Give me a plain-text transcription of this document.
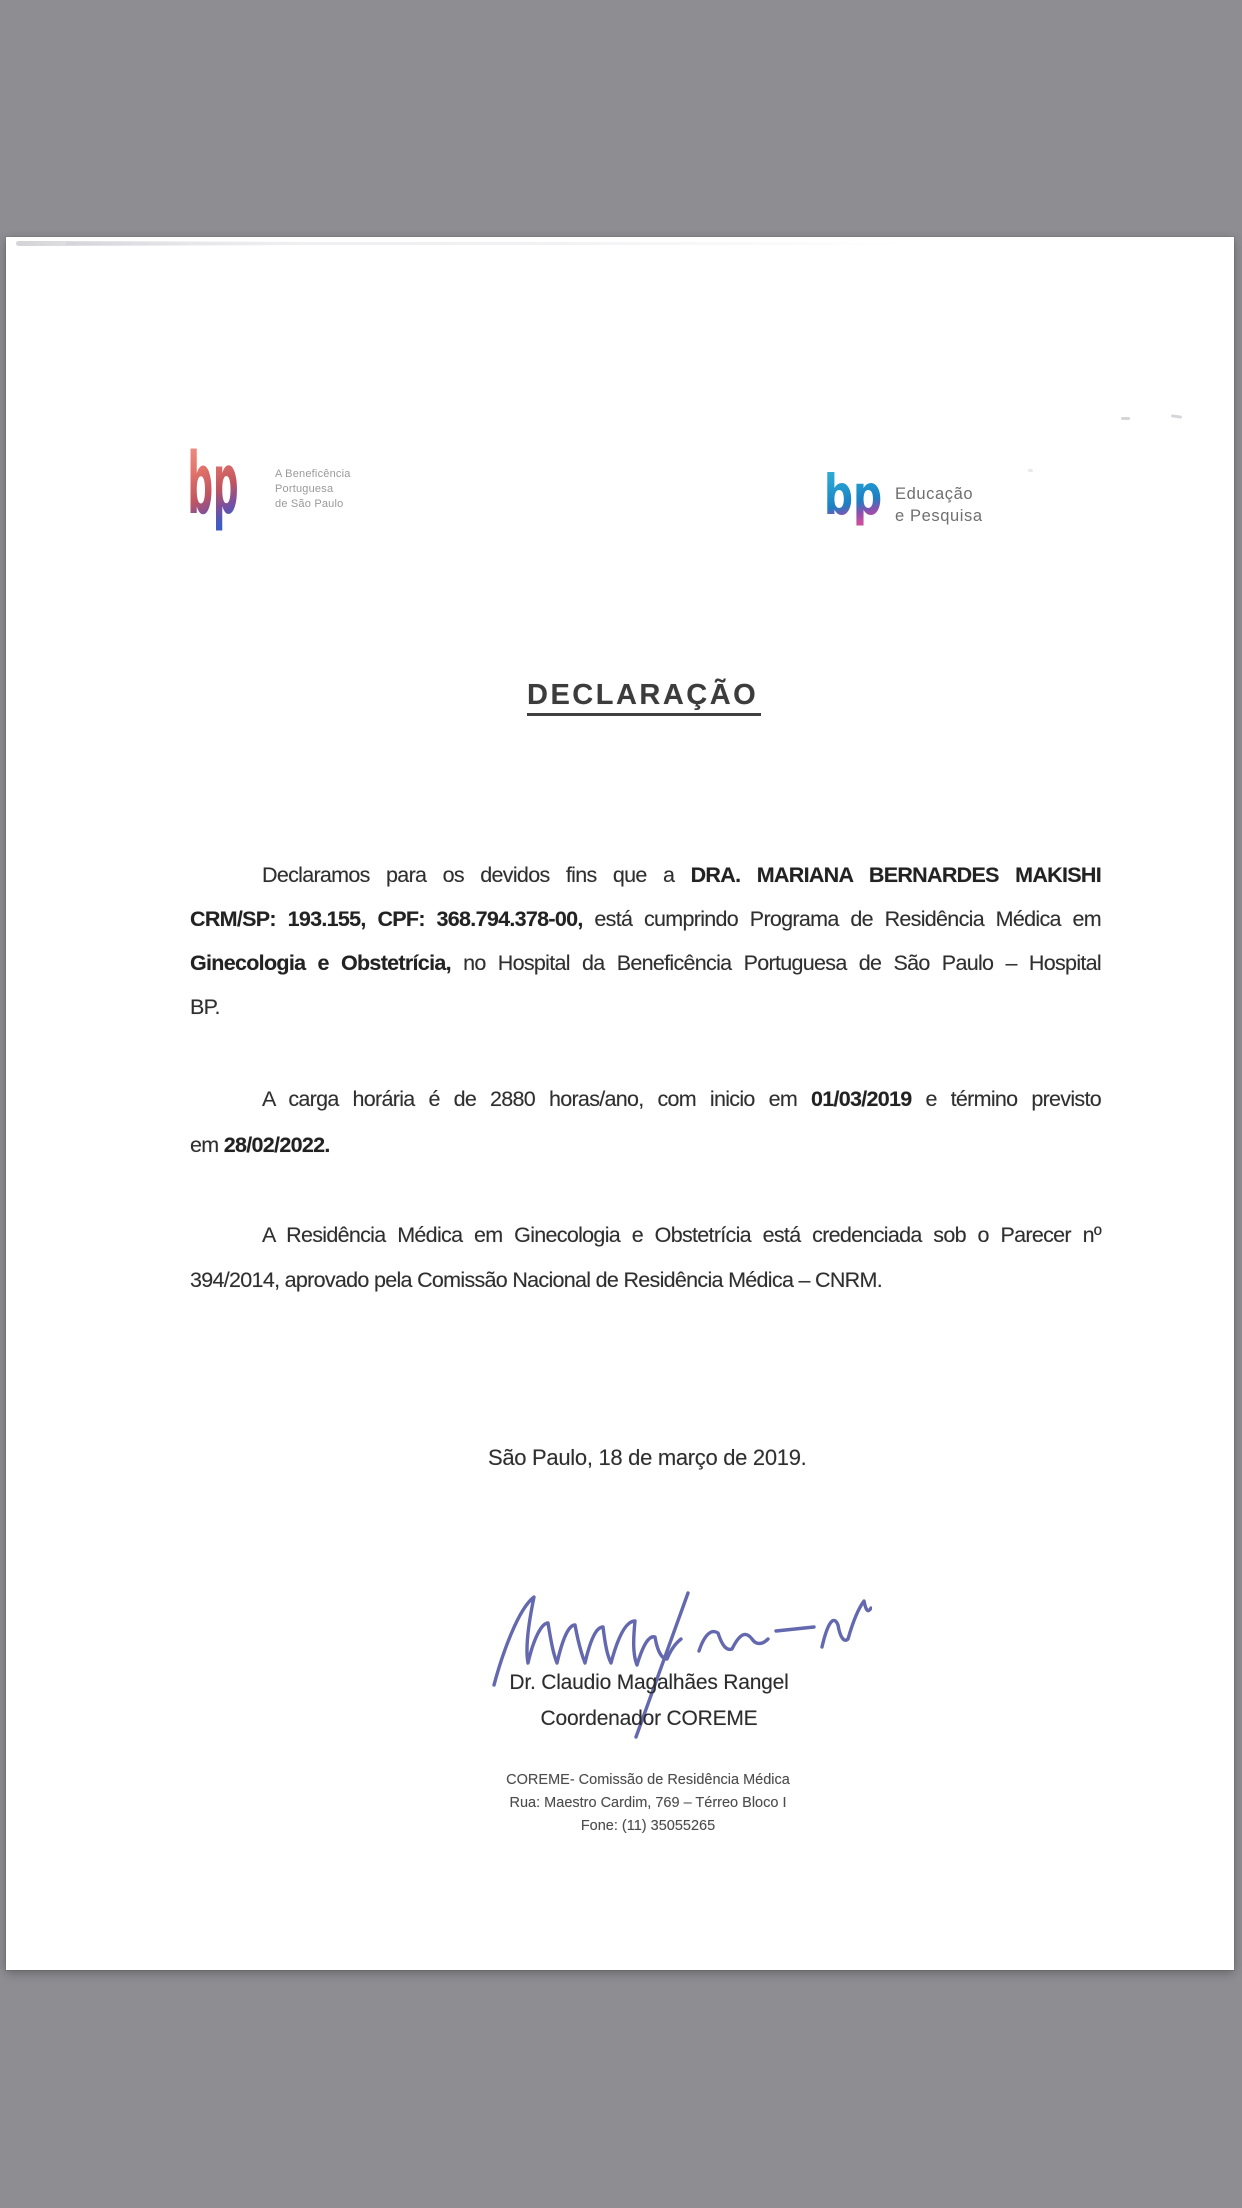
bp	A Beneficência
Portuguesa
de São Paulo	bp Educação
e Pesquisa
DECLARAÇÃO
Declaramos para os devidos fins que a DRA. MARIANA BERNARDES MAKISHI
CRM/SP: 193.155, CPF: 368.794.378-00, está cumprindo Programa de Residência Médica em
Ginecologia e Obstetrícia, no Hospital da Beneficência Portuguesa de São Paulo – Hospital
BP.
A carga horária é de 2880 horas/ano, com inicio em 01/03/2019 e término previsto
em 28/02/2022.
A Residência Médica em Ginecologia e Obstetrícia está credenciada sob o Parecer nº
394/2014, aprovado pela Comissão Nacional de Residência Médica – CNRM.
São Paulo, 18 de março de 2019.
Dr. Claudio Magalhães Rangel
Coordenador COREME
COREME- Comissão de Residência Médica
Rua: Maestro Cardim, 769 – Térreo Bloco I
Fone: (11) 35055265
